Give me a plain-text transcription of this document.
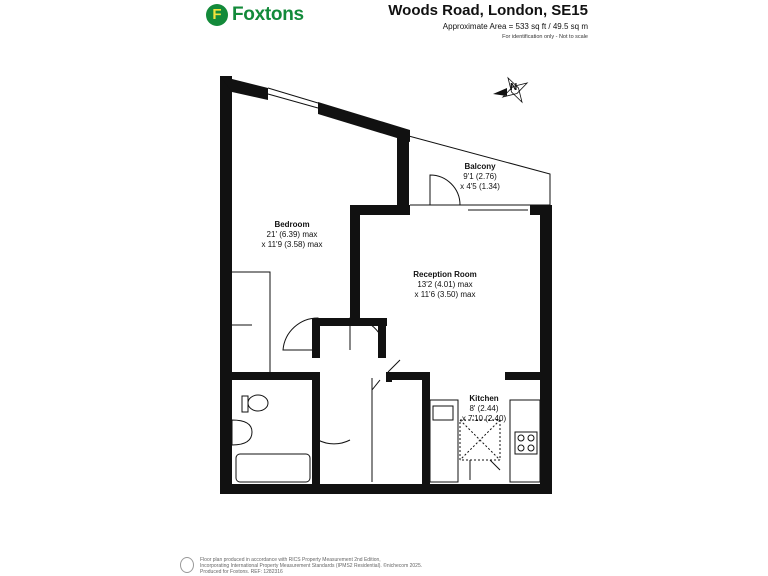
F Foxtons	Woods Road, London, SE15
Approximate Area = 533 sq ft / 49.5 sq m
For identification only - Not to scale
N
Balcony
9'1 (2.76)
x 4'5 (1.34)
Bedroom
21' (6.39) max
x 11'9 (3.58) max
Reception Room
13'2 (4.01) max
x 11'6 (3.50) max
Kitchen
8' (2.44)
x 7'10 (2.40)
Floor plan produced in accordance with RICS Property Measurement 2nd Edition,
Incorporating International Property Measurement Standards (IPMS2 Residential). ©nichecom 2025.
Produced for Foxtons. REF: 1282316
